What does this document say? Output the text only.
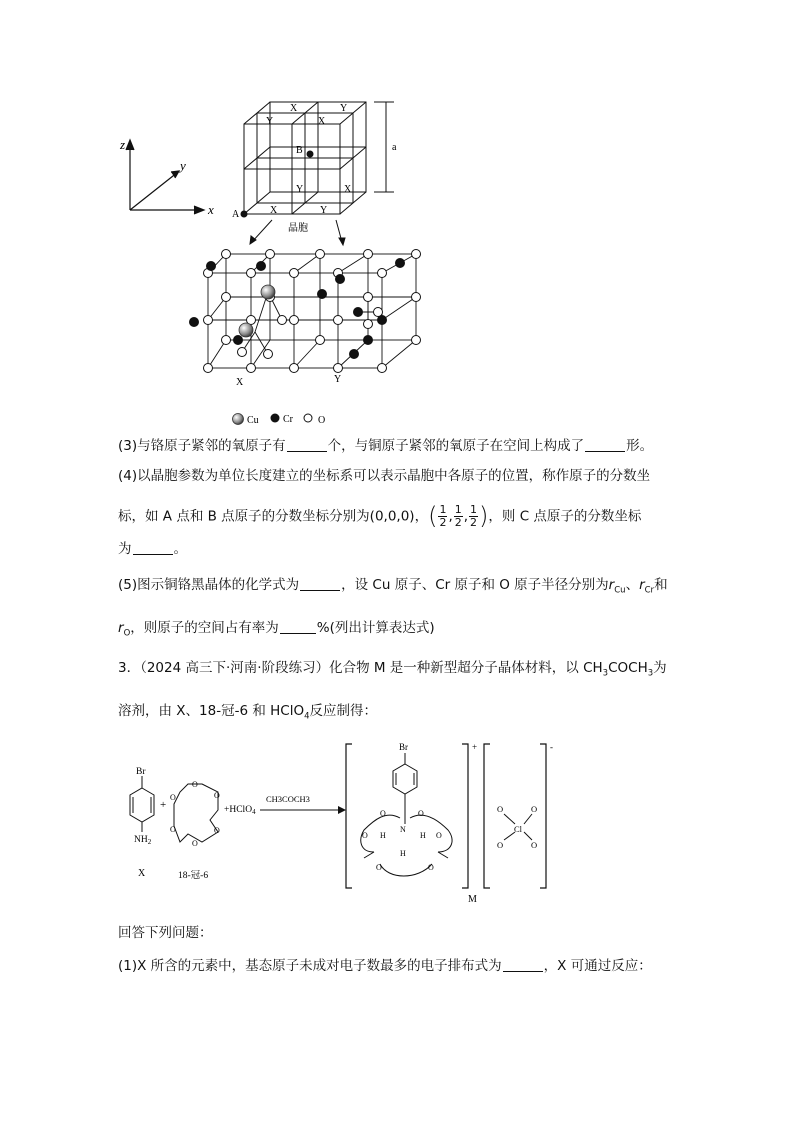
z
y
x
X	Y
Y	X
Y	X
X	Y
B
A
a
晶胞
X	Y
Cu Cr	O
(3)与铬原子紧邻的氧原子有	个，与铜原子紧邻的氧原子在空间上构成了	形。
(4)以晶胞参数为单位长度建立的坐标系可以表示晶胞中各原子的位置，称作原子的分数坐
标，如 A 点和 B 点原子的分数坐标分别为(0,0,0)，( $\frac{1}{2}$ , $\frac{1}{2}$ , $\frac{1}{2}$ )，则 C 点原子的分数坐标
为	。
(5)图示铜铬黑晶体的化学式为	，设 Cu 原子、Cr 原子和 O 原子半径分别为$r_{Cu}$、$r_{Cr}$和
$r_O$，则原子的空间占有率为	%(列出计算表达式)
3．（2024 高三下·河南·阶段练习）化合物 M 是一种新型超分子晶体材料，以 $CH_3COCH_3$为
溶剂，由 X、18-冠-6 和 HClO$_4$反应制得：
Br
$NH_2$
X
+
O
O
O
O
O
O
18-冠-6
+HClO$_4$
CH3COCH3
+
Br
N
H	H
H
O	O
O	O
O
O
-
Cl
O	O
O	O
M
回答下列问题：
(1)X 所含的元素中，基态原子未成对电子数最多的电子排布式为	，X 可通过反应：
